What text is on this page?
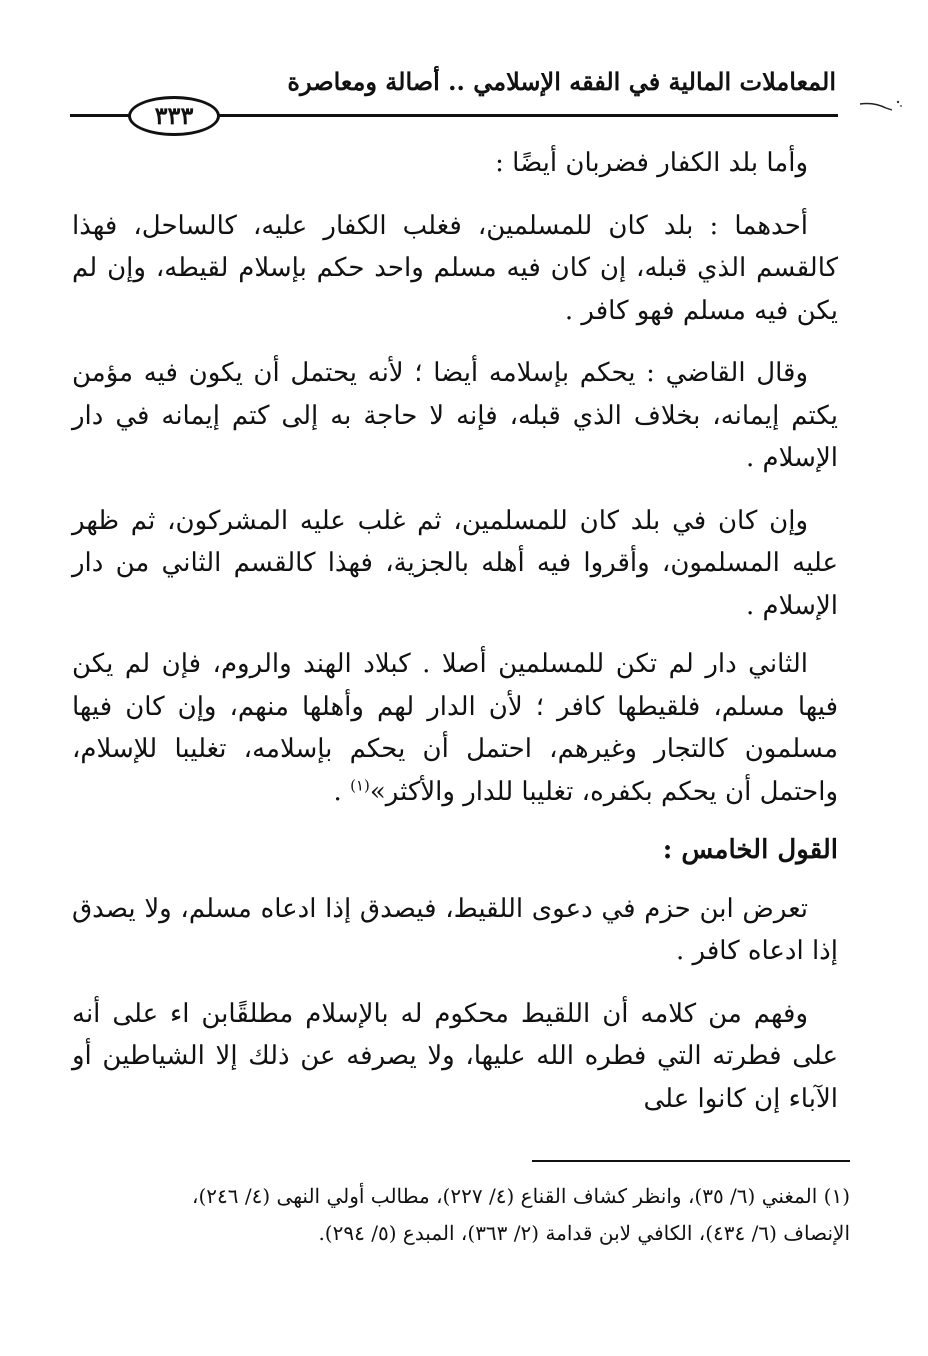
المعاملات المالية في الفقه الإسلامي .. أصالة ومعاصرة
٣٣٣

وأما بلد الكفار فضربان أيضًا :

أحدهما : بلد كان للمسلمين، فغلب الكفار عليه، كالساحل، فهذا كالقسم الذي قبله، إن كان فيه مسلم واحد حكم بإسلام لقيطه، وإن لم يكن فيه مسلم فهو كافر .

وقال القاضي : يحكم بإسلامه أيضا ؛ لأنه يحتمل أن يكون فيه مؤمن يكتم إيمانه، بخلاف الذي قبله، فإنه لا حاجة به إلى كتم إيمانه في دار الإسلام .

وإن كان في بلد كان للمسلمين، ثم غلب عليه المشركون، ثم ظهر عليه المسلمون، وأقروا فيه أهله بالجزية، فهذا كالقسم الثاني من دار الإسلام .

الثاني دار لم تكن للمسلمين أصلا . كبلاد الهند والروم، فإن لم يكن فيها مسلم، فلقيطها كافر ؛ لأن الدار لهم وأهلها منهم، وإن كان فيها مسلمون كالتجار وغيرهم، احتمل أن يحكم بإسلامه، تغليبا للإسلام، واحتمل أن يحكم بكفره، تغليبا للدار والأكثر»$^{(١)}$ .

القول الخامس :

تعرض ابن حزم في دعوى اللقيط، فيصدق إذا ادعاه مسلم، ولا يصدق إذا ادعاه كافر .

وفهم من كلامه أن اللقيط محكوم له بالإسلام مطلقًابن اء على أنه على فطرته التي فطره الله عليها، ولا يصرفه عن ذلك إلا الشياطين أو الآباء إن كانوا على

(١) المغني (٦/ ٣٥)، وانظر كشاف القناع (٤/ ٢٢٧)، مطالب أولي النهى (٤/ ٢٤٦)،
الإنصاف (٦/ ٤٣٤)، الكافي لابن قدامة (٢/ ٣٦٣)، المبدع (٥/ ٢٩٤).
